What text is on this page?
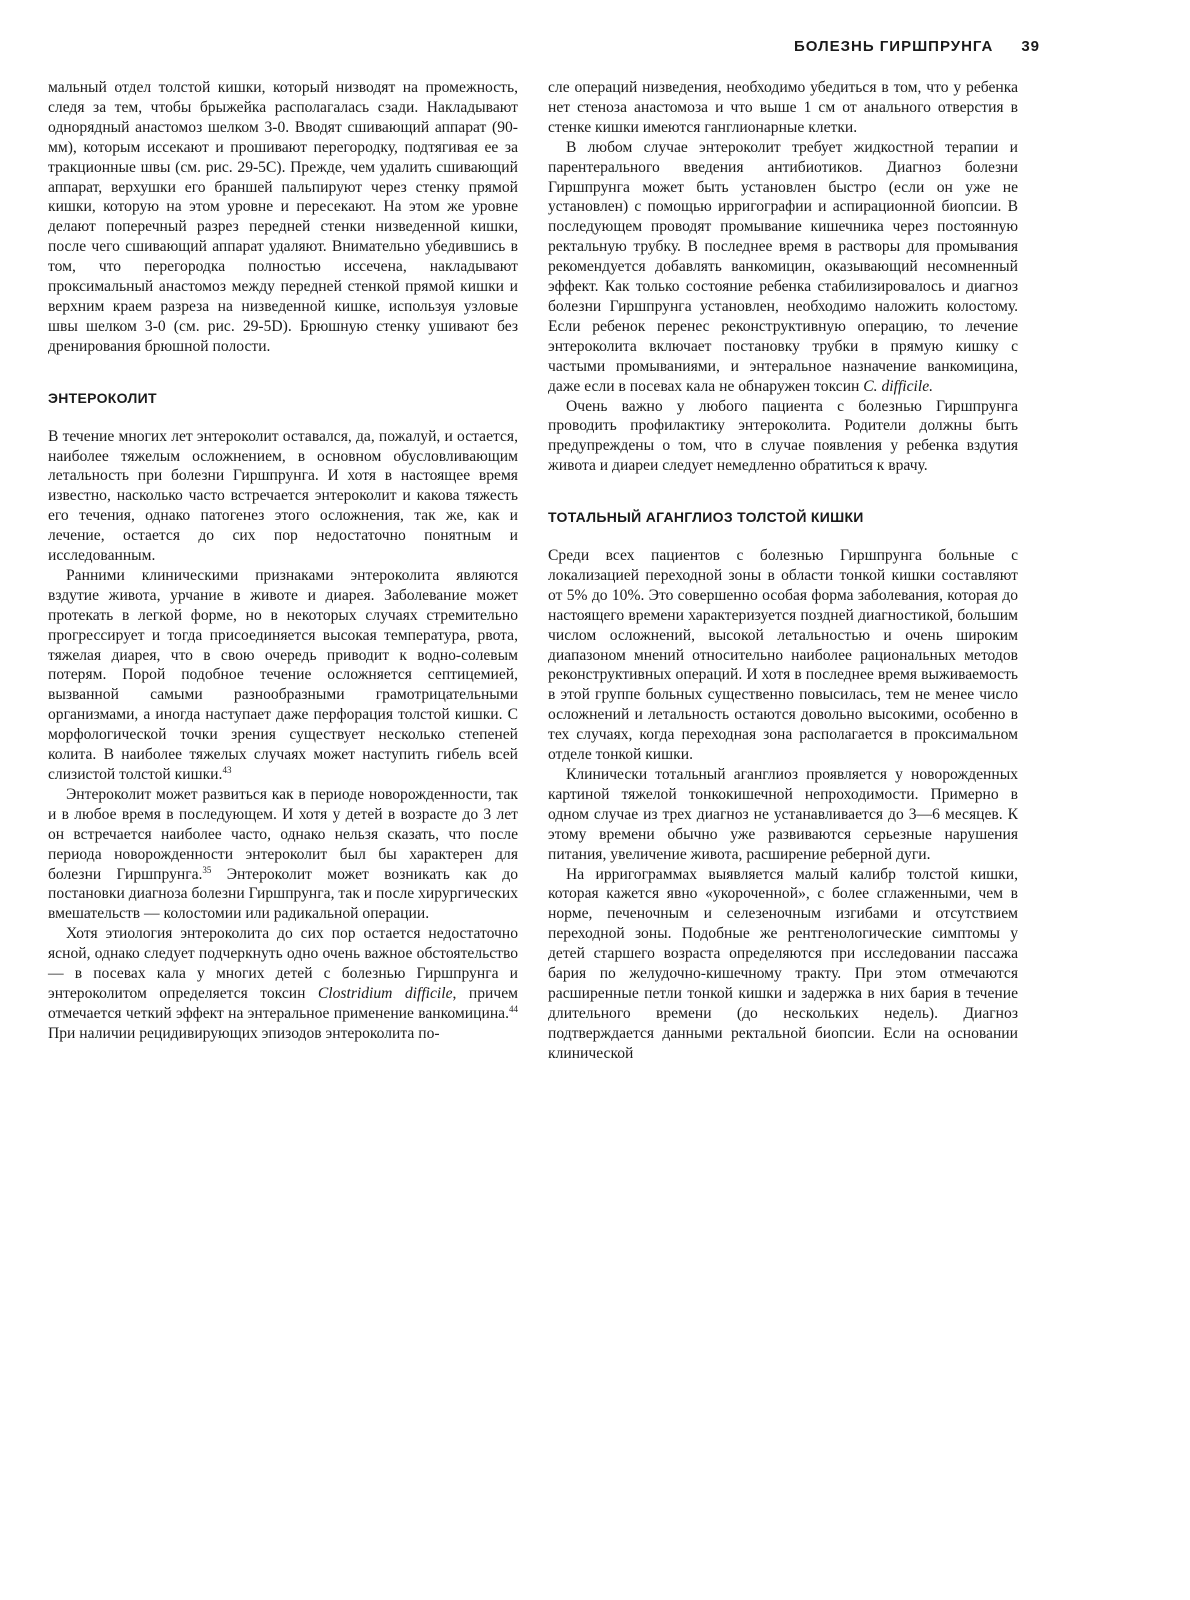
БОЛЕЗНЬ ГИРШПРУНГА 39

мальный отдел толстой кишки, который низводят на промежность, следя за тем, чтобы брыжейка располагалась сзади. Накладывают однорядный анастомоз шелком 3-0. Вводят сшивающий аппарат (90-мм), которым иссекают и прошивают перегородку, подтягивая ее за тракционные швы (см. рис. 29-5С). Прежде, чем удалить сшивающий аппарат, верхушки его браншей пальпируют через стенку прямой кишки, которую на этом уровне и пересекают. На этом же уровне делают поперечный разрез передней стенки низведенной кишки, после чего сшивающий аппарат удаляют. Внимательно убедившись в том, что перегородка полностью иссечена, накладывают проксимальный анастомоз между передней стенкой прямой кишки и верхним краем разреза на низведенной кишке, используя узловые швы шелком 3-0 (см. рис. 29-5D). Брюшную стенку ушивают без дренирования брюшной полости.

ЭНТЕРОКОЛИТ

В течение многих лет энтероколит оставался, да, пожалуй, и остается, наиболее тяжелым осложнением, в основном обусловливающим летальность при болезни Гиршпрунга. И хотя в настоящее время известно, насколько часто встречается энтероколит и какова тяжесть его течения, однако патогенез этого осложнения, так же, как и лечение, остается до сих пор недостаточно понятным и исследованным.

Ранними клиническими признаками энтероколита являются вздутие живота, урчание в животе и диарея. Заболевание может протекать в легкой форме, но в некоторых случаях стремительно прогрессирует и тогда присоединяется высокая температура, рвота, тяжелая диарея, что в свою очередь приводит к водно-солевым потерям. Порой подобное течение осложняется септицемией, вызванной самыми разнообразными грамотрицательными организмами, а иногда наступает даже перфорация толстой кишки. С морфологической точки зрения существует несколько степеней колита. В наиболее тяжелых случаях может наступить гибель всей слизистой толстой кишки.$^{43}$

Энтероколит может развиться как в периоде новорожденности, так и в любое время в последующем. И хотя у детей в возрасте до 3 лет он встречается наиболее часто, однако нельзя сказать, что после периода новорожденности энтероколит был бы характерен для болезни Гиршпрунга.$^{35}$ Энтероколит может возникать как до постановки диагноза болезни Гиршпрунга, так и после хирургических вмешательств — колостомии или радикальной операции.

Хотя этиология энтероколита до сих пор остается недостаточно ясной, однако следует подчеркнуть одно очень важное обстоятельство — в посевах кала у многих детей с болезнью Гиршпрунга и энтероколитом определяется токсин Clostridium difficile, причем отмечается четкий эффект на энтеральное применение ванкомицина.$^{44}$ При наличии рецидивирующих эпизодов энтероколита по-

сле операций низведения, необходимо убедиться в том, что у ребенка нет стеноза анастомоза и что выше 1 см от анального отверстия в стенке кишки имеются ганглионарные клетки.

В любом случае энтероколит требует жидкостной терапии и парентерального введения антибиотиков. Диагноз болезни Гиршпрунга может быть установлен быстро (если он уже не установлен) с помощью ирригографии и аспирационной биопсии. В последующем проводят промывание кишечника через постоянную ректальную трубку. В последнее время в растворы для промывания рекомендуется добавлять ванкомицин, оказывающий несомненный эффект. Как только состояние ребенка стабилизировалось и диагноз болезни Гиршпрунга установлен, необходимо наложить колостому. Если ребенок перенес реконструктивную операцию, то лечение энтероколита включает постановку трубки в прямую кишку с частыми промываниями, и энтеральное назначение ванкомицина, даже если в посевах кала не обнаружен токсин C. difficile.

Очень важно у любого пациента с болезнью Гиршпрунга проводить профилактику энтероколита. Родители должны быть предупреждены о том, что в случае появления у ребенка вздутия живота и диареи следует немедленно обратиться к врачу.

ТОТАЛЬНЫЙ АГАНГЛИОЗ ТОЛСТОЙ КИШКИ

Среди всех пациентов с болезнью Гиршпрунга больные с локализацией переходной зоны в области тонкой кишки составляют от 5% до 10%. Это совершенно особая форма заболевания, которая до настоящего времени характеризуется поздней диагностикой, большим числом осложнений, высокой летальностью и очень широким диапазоном мнений относительно наиболее рациональных методов реконструктивных операций. И хотя в последнее время выживаемость в этой группе больных существенно повысилась, тем не менее число осложнений и летальность остаются довольно высокими, особенно в тех случаях, когда переходная зона располагается в проксимальном отделе тонкой кишки.

Клинически тотальный аганглиоз проявляется у новорожденных картиной тяжелой тонкокишечной непроходимости. Примерно в одном случае из трех диагноз не устанавливается до 3—6 месяцев. К этому времени обычно уже развиваются серьезные нарушения питания, увеличение живота, расширение реберной дуги.

На ирригограммах выявляется малый калибр толстой кишки, которая кажется явно «укороченной», с более сглаженными, чем в норме, печеночным и селезеночным изгибами и отсутствием переходной зоны. Подобные же рентгенологические симптомы у детей старшего возраста определяются при исследовании пассажа бария по желудочно-кишечному тракту. При этом отмечаются расширенные петли тонкой кишки и задержка в них бария в течение длительного времени (до нескольких недель). Диагноз подтверждается данными ректальной биопсии. Если на основании клинической
